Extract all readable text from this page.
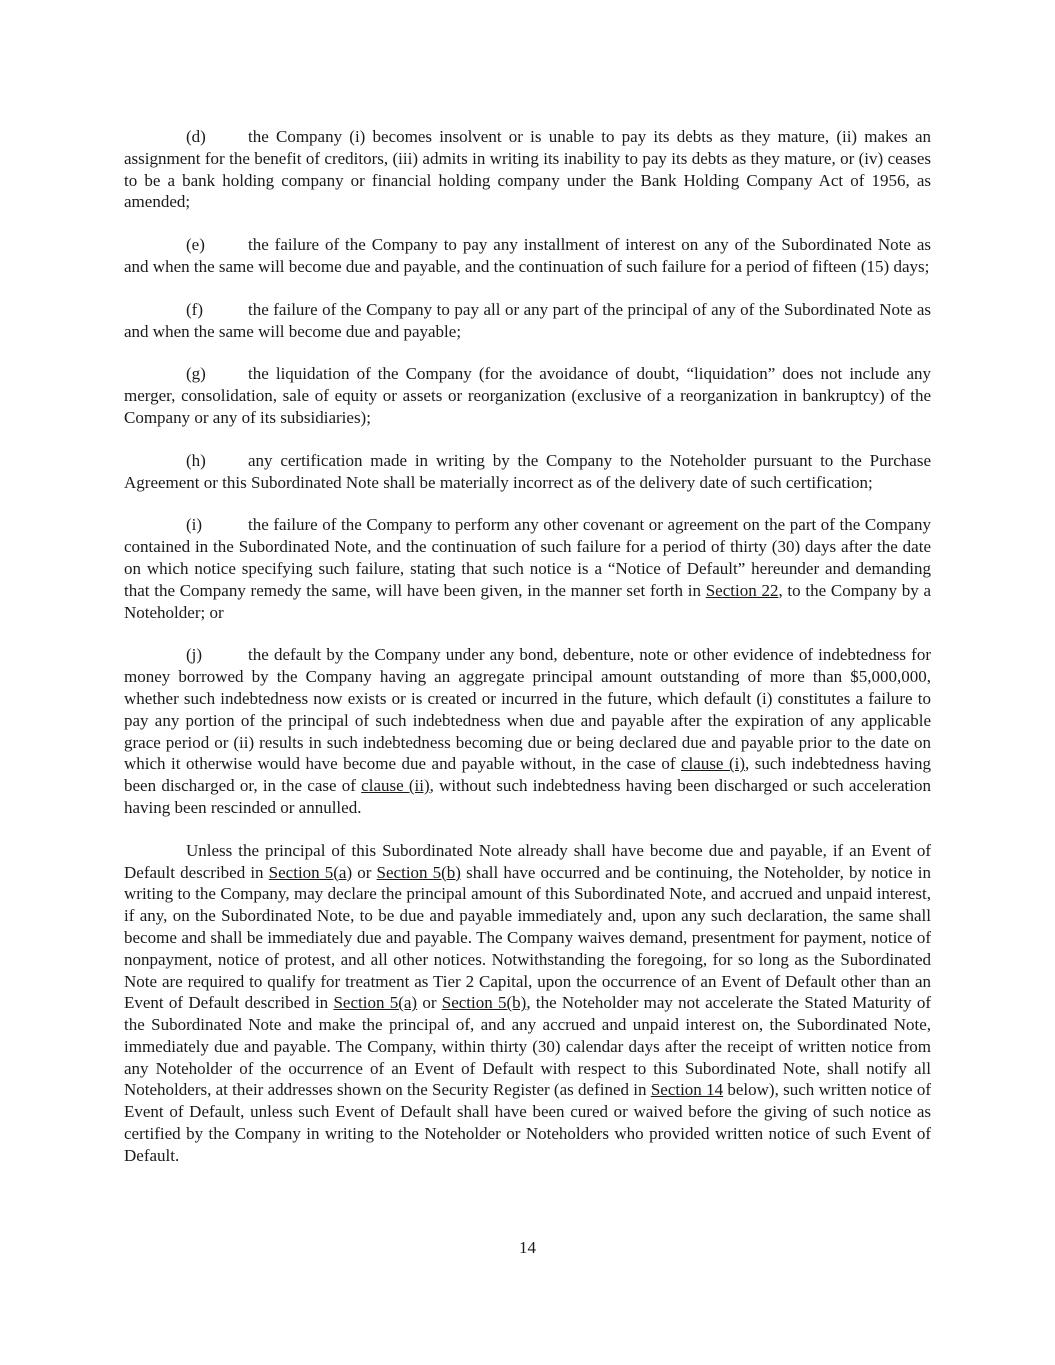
(d) the Company (i) becomes insolvent or is unable to pay its debts as they mature, (ii) makes an assignment for the benefit of creditors, (iii) admits in writing its inability to pay its debts as they mature, or (iv) ceases to be a bank holding company or financial holding company under the Bank Holding Company Act of 1956, as amended;

(e)	the failure of the Company to pay any installment of interest on any of the Subordinated Note as and when the same will become due and payable, and the continuation of such failure for a period of fifteen (15) days;

(f)	the failure of the Company to pay all or any part of the principal of any of the Subordinated Note as and when the same will become due and payable;

(g) the liquidation of the Company (for the avoidance of doubt, “liquidation” does not include any merger, consolidation, sale of equity or assets or reorganization (exclusive of a reorganization in bankruptcy) of the Company or any of its subsidiaries);

(h) any certification made in writing by the Company to the Noteholder pursuant to the Purchase Agreement or this Subordinated Note shall be materially incorrect as of the delivery date of such certification;

(i)	the failure of the Company to perform any other covenant or agreement on the part of the Company contained in the Subordinated Note, and the continuation of such failure for a period of thirty (30) days after the date on which notice specifying such failure, stating that such notice is a “Notice of Default” hereunder and demanding that the Company remedy the same, will have been given, in the manner set forth in Section 22, to the Company by a Noteholder; or

(j)	the default by the Company under any bond, debenture, note or other evidence of indebtedness for money borrowed by the Company having an aggregate principal amount outstanding of more than $5,000,000, whether such indebtedness now exists or is created or incurred in the future, which default (i) constitutes a failure to pay any portion of the principal of such indebtedness when due and payable after the expiration of any applicable grace period or (ii) results in such indebtedness becoming due or being declared due and payable prior to the date on which it otherwise would have become due and payable without, in the case of clause (i), such indebtedness having been discharged or, in the case of clause (ii), without such indebtedness having been discharged or such acceleration having been rescinded or annulled.

Unless the principal of this Subordinated Note already shall have become due and payable, if an Event of Default described in Section 5(a) or Section 5(b) shall have occurred and be continuing, the Noteholder, by notice in writing to the Company, may declare the principal amount of this Subordinated Note, and accrued and unpaid interest, if any, on the Subordinated Note, to be due and payable immediately and, upon any such declaration, the same shall become and shall be immediately due and payable. The Company waives demand, presentment for payment, notice of nonpayment, notice of protest, and all other notices. Notwithstanding the foregoing, for so long as the Subordinated Note are required to qualify for treatment as Tier 2 Capital, upon the occurrence of an Event of Default other than an Event of Default described in Section 5(a) or Section 5(b), the Noteholder may not accelerate the Stated Maturity of the Subordinated Note and make the principal of, and any accrued and unpaid interest on, the Subordinated Note, immediately due and payable. The Company, within thirty (30) calendar days after the receipt of written notice from any Noteholder of the occurrence of an Event of Default with respect to this Subordinated Note, shall notify all Noteholders, at their addresses shown on the Security Register (as defined in Section 14 below), such written notice of Event of Default, unless such Event of Default shall have been cured or waived before the giving of such notice as certified by the Company in writing to the Noteholder or Noteholders who provided written notice of such Event of Default.

14
